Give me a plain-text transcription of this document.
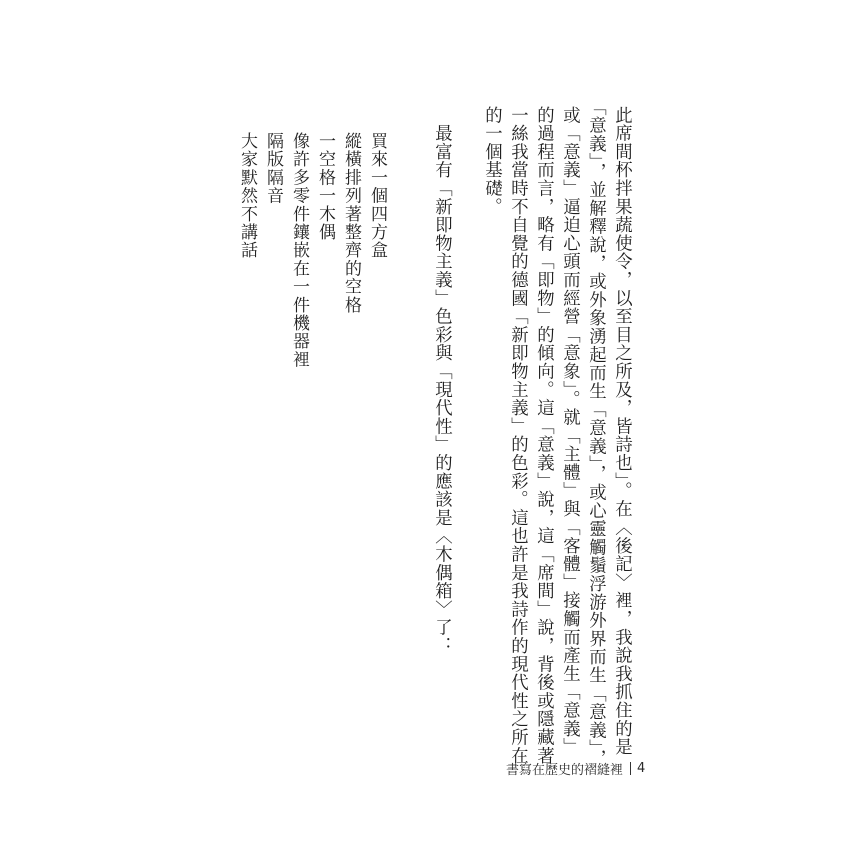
此席間杯拌果蔬使令，以至目之所及，皆詩也」。在〈後記〉裡，我說我抓住的是

「意義」，並解釋說，或外象湧起而生「意義」，或心靈觸鬚浮游外界而生「意義」，

或「意義」逼迫心頭而經營「意象」。就「主體」與「客體」接觸而產生「意義」

的過程而言，略有「即物」的傾向。這「意義」說，這「席間」說，背後或隱藏著

一絲我當時不自覺的德國「新即物主義」的色彩。這也許是我詩作的現代性之所在

的一個基礎。

　最富有「新即物主義」色彩與「現代性」的應該是〈木偶箱〉了：

買來一個四方盒

縱橫排列著整齊的空格

一空格一木偶

像許多零件鑲嵌在一件機器裡

隔版隔音

大家默然不講話

書寫在歷史的褶縫裡 4
